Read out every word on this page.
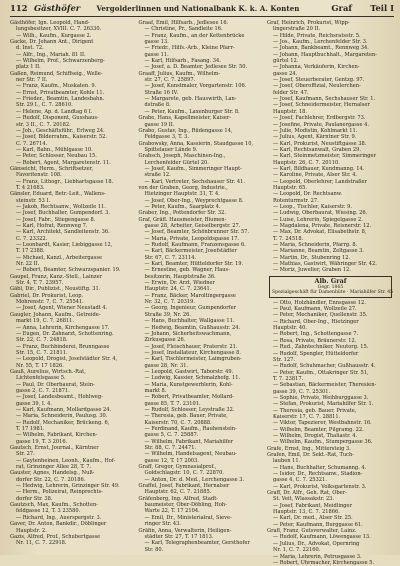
112 Gästhöfer	Vergolderlinnen und Nationalbank K. k. A. Konten	Graf	Teil I
Gästhöfer, Ign. Leopold, Hand-
lungsbesitzer, XVIII. C. 7. 26330.
— Wilh., Kaufm., Kurgasse 2.
Gacke, Dr. Johann Ant., Dirigent
d. Inst. 72.
— Alfr., Ing., Mariah. 81 II.
— Wilhelm, Prof., Schwarzenberg-
platz 1 II.
Gaßen, Reimund, Schiffseig., Welle-
ner Str. 7 II.
— Franz, Kaufm., Muskaten. 9.
— Ernst, Privatbeamter, Kohle 11.
— Frieder., Beamtin, Landesbahn.
Str. 29 I., C. 7. 28610.
— Helene, Ap. d. Landtag 6 I.
— Rudolf, Disponent, Gusshaus-
str. 3 II., C. 7. 20182.
— Joh., Geschäftsführ., Erlweg 24.
— Josef, Bilderrahm., Kaiserstr. 52.
C. 7. 26714.
— Karl, Bahn., Mühlgasse 10.
— Peter, Schlosser, Neubau 15.
— Robert, Agent, Margaretenstr. 11.
Gänseicht, Herm., Schriftsetzer,
Favoritenstr. 108.
— Franz, Lithogr., Liebhartsgasse 18.
T. 4 21683.
Gänsler, Eduard, Betr.-Leit., Wallens-
steinstr. 53 I.
— Jakob, Rechtsanw., Wollzeile 11.
— Josef, Buchhalter, Gumpendorf. 3.
— Josef, Fabr., Stiegengasse 8.
— Karl, Hofrat, Rennweg 7.
— Karl, Architekt, Sandleitenstr. 36.
C. 7. 23322.
— Leonhardt, Kasier, Liebiggasse 12,
T. 17 2388.
— Michael, Kanzl., Arbeitergasse
Nr. 22 II.
— Robert, Beamter, Schwarzspanier. 19.
Gaupel, Franz, Kanz.-Stell., Lainzer
Str. 4, T. 7. 23957.
Gäbl, Dir., Publizist., Neustiftg. 31.
Gabriel, Dr. Prokurist, Leop.
Mohrenstr. 7, C. 7. 25541.
— Josef, Agent, Wiener Neustadt 4.
Gaugler, Johann, Kaufm., Getreide-
markt 19, C. 7. 26811.
— Anna, Lehrerin, Kirchengasse 17.
— Eugen, Dr. Zahnarzt, Schottenring.
Str. 22, C. 7. 24818.
— Franz, Buchbinderei, Brunngasse
Str. 15, C. 7. 21811.
— Leopold, Drogist, Josefstädter Str. 4,
Nr. 55, T. 17 1826.
Gauß, Aurelius, Wirtsch.-Rat,
Lichtenfelsgasse 5.
— Paul, Dr. Oberbaurat, Stein-
gasse 2, C. 7. 21871.
— Josef, Landesbeamt., Hohlweg-
gasse 39, I. 4.
— Karl, Kaufmann, Mollardgasse 24.
— Maria, Schneiderin, Paulusg. 30.
— Rudolf, Mechaniker, Brückeng. 6,
T. 17 1981.
— Wilhelm, Fabrikant, Kirchen-
gasse 19, T. 3 2016.
Gautsch, Ernst, Journal., Kärntner
Str. 27.
— Gaytenheinen, Leonh., Kaufm., Hof-
rat, Grinzinger Allee 28, T. 7.
Gauster, Agnes, Handelsg., Nuß-
dorfer Str. 22, C. 7. 20186.
— Hedwig, Lehrerin, Grinzinger Str. 49.
— Herm., Polizeirat, Reinprechts-
dorfer Str. 38.
Gautzsch, Max, Kaufm., Schotten-
feldgasse 12, T. 3 23580.
— Richard, Ing., Auerspergstr. 3.
Gaver, Dr. Anton, Bankdir., Döblinger
Hauptstr. 2.
Gazis, Alfred, Prof., Schubertgasse
Nr. 11, C. 7. 22918.
Graaf, Emil, Hilfsarb., Jedlesee 16.
— Christine, Pr., Sandleite 16.
— Franz, Kaufm., an der Kettenbrücke
gasse 13.
— Friedr., Hilfs.-Arb., Kleine Pfarr-
gasse 11.
— Karl, Hilfsarb., Fasang. 34.
— Josef, a. D. Beamter, Jedlesee Str. 50.
Graaff, Julius, Kaufm., Wilhelm-
str. 27, C. 7. 25897.
— Josef, Kunstmaler, Vorgartenstr. 106.
Straße 16 IV.
— Margarete, geb. Hauswirth, Lan-
dstraße 8.
— Peter, Kaufm., Laxenburger Str. 8.
Grabe, Hans, Kapellmeister, Kaiser-
gasse 19 II.
Grabo, Gustav, Ing., Rüdengasse 14,
Feldgasse 3, T. 3.
Grabowsky, Anna, Kassierin, Staudgasse 10,
Spittelauer Lände 9.
Grabsch, Joseph, Maschinen-Ing.,
Lerchenfelder Gürtel 20.
— Josef, Kaufm., Simmeringer Haupt-
straße 12.
— Karl, Vertreter, Sechshauser Str. 41.
von der Graben, Georg, Industrie.,
Hietzinger Hauptstr. 31, T. 4.
— Josef, Ober-Ing., Weyprechtgasse 8.
— Peter, Kaufm., Saarplatz 4.
Graber, Ing., Pottendorfer Str. 32.
Graf, Gräfl. Hausmeister, Blumen-
gasse 28, Arbeiter, Geiselbergstr. 27.
— Josef, Beamter, Schönbrunner Str. 57.
— Maria, Private, Leopoldsgasse 17.
— Rudolf, Kaufmann, Franzensgasse 6.
— Karl, Bäckermeister, Josefstädter
Str. 67, C. 7. 23114.
— Karl, Beamter, Hütteldorfer Str. 19.
— Ernestine, geb. Wagner, Haus-
besitzerin, Hauptstraße 36.
— Erwin, Dr. Arzt, Wiedner
Hauptstr. 24, C. 7. 23641.
— Franz, Bäcker, Maroltingergasse
Nr. 32, C. 7. 20319.
— Georg, Ingenieur, Gumpendorfer
Straße 39, Nr. 26.
— Hans, Buchhalter, Wallgasse 11.
— Hedwig, Beamtin, Gußhausstr. 24.
— Johann, Sicherheitswachmann,
Zirkusgasse 26.
— Josef, Fleischhauer, Praterstr. 21.
— Josef, Installateur, Kirchengasse 8.
— Karl, Tischlermeister, Laimgruben-
gasse 28, Nr. 31.
— Leopold, Gastwirt, Taborstr. 49.
— Ludwig, Kassier, Schmalzhofg. 11.
— Maria, Kunstgewerblerin, Kohl-
markt 8.
— Robert, Privatbeamter, Mollard-
gasse 85, T. 7. 23101.
— Rudolf, Schlosser, Leystraße 32.
— Theresia, geb. Bauer, Private,
Kaiserstr. 70, C. 7. 20888.
— Ferdinand, Kaufm., Rauhenstein-
gasse 5, C. 7. 25887.
— Wilhelm, Fabrikant, Mariahilfer
Str. 88, C. 7. 24471.
— Wilhelm, Handelsagent, Neubau-
gasse 12, T. 17 2003.
Graff, Gregor, Gymnasialprof.,
Goldschlagstr. 10, C. 7. 22870.
— Anton, Dr. d. Med., Lerchengasse 3.
Graffel, Josef, Fabrikant, Hernalser
Hauptstr. 62, C. 7. 21885.
Gräfenberg, Ing. Alfred, Stadt-
baumeister, Ober-Döbling, Hoh-
Warte 22, T. 17 2104.
— Emil, Dr., Ministerialrat, Sieve-
ringer Str. 43.
Gräfin, Anna, Verwalterin, Heiligen-
städter Str. 27, T. 17 1813.
— Karl, Telegraphenbeamter, Gersthofer
Str. 80.
Graf, Heinrich, Prokurist, Wipp-
lingerstraße 20 II.
— Hilde, Private, Reichsratsstr. 5.
— Jos., Kaufm., Lerchenfelder Str. 3.
— Johann, Bankbeamt., Rennweg 34.
— Johann, Hauptbuchhalt., Margareten-
gürtel 12.
— Johanna, Verkäuferin, Kirchen-
gasse 24.
— Josef, Steuerberater, Gentzg. 97.
— Josef, Oberoffizial, Neulerchen-
felder Str. 47.
— Josef, Kaufmann, Sechshauser Str. 1.
— Josef, Schneidermeister, Hernalser
Hauptstr. 18.
— Josef, Fachlehrer, Erdbergstr. 73.
— Josefine, Private, Paulanergasse 4.
— Julie, Modistin, Kohlmarkt 11.
— Julius, Agent, Kärntner Str. 9.
— Karl, Prokurist, Neustiftgasse 38.
— Karl, Rechtsanwalt, Graben 29.
— Karl, Steinmetzmeister, Simmeringer
Hauptstr. 26, C. 7. 20110.
— Karl, Bildhauer, Kundmanng. 14.
— Karoline, Private, Alser Str. 4.
— Leopold, Oberlehrer, Landstraßer
Hauptstr. 65.
— Leopold, Dr. Rechtsanw.
Rotenturmstr. 27.
— Leop., Tischler, Kaiserstr. 9.
— Ludwig, Oberbaurat, Wiesing. 26.
— Luise, Lehrerin, Spiegelgasse 2.
— Magdalena, Private, Reisnerstr. 12.
— Max, Dr. Advokat, Elisabethstr. 8,
T. 7. 24518.
— Maria, Schneiderin, Pfarrg. 8.
— Marianne, Beamtin, Zeltgasse 3.
— Martin, Dr., Stubenring 12.
— Mathias, Gastwirt, Währinger Str. 42.
— Moriz, Juwelier, Graben 12.
Alb. Graf
Gegr. 1865
Spezialgeschäft für Damenhüte · Mariahilfer Str. 45
— Otto, Holzhändler, Ennsgasse 12.
— Paul, Kaufmann, Wollzeile 27.
— Peter, Mechaniker, Quellenstr. 35.
— Richard, Ober-Ing., Hietzinger
Hauptstr. 40.
— Robert, Ing., Schottengasse 7.
— Rosa, Private, Bräunerstr. 12.
— Rud., Zahntechniker, Neutorg. 15.
— Rudolf, Spengler, Hütteldorfer
Str. 127.
— Rudolf, Schuhmacher, Gußhausstr. 4.
— Peter, Kaufm., Ottakringer Str. 51,
T. 7. 23817.
— Sebastian, Bäckermeister, Theresien-
gasse 39, C. 7. 25301.
— Sophie, Private, Weihburggasse 3.
— Stefan, Prokurist, Mariahilfer Str. 1.
— Theresia, geb. Bauer, Private,
Kaiserstr. 17, C. 7. 28811.
— Viktor, Tapezierer, Westbahnstr. 16.
— Wilhelm, Beamter, Pilgramg. 22.
— Wilhelm, Drogist, Thaliastr. 4.
— Wilhelm, Kaufm., Stumpergasse 36.
Grafe, Ernst, Ing., Mittersteig 3.
Grafen, Emil, Dr. Sekt.-Rat, Tuch-
lauben 11.
— Hans, Buchhalter, Schumanng. 4.
— Isidor, Dr., Rechtsanw., Stadion-
gasse 4, C. 7. 25321.
— Karl, Prokurist, Volksgartenstr. 3.
Graff, Dr. Alfr., Geh. Rat, Ober-
St. Veit, Wlassakstr. 23.
— Josef, Fabrikant, Meidlinger
Hauptstr. 13, C. 7. 21866.
— Karl, Dr. med., Alser Str. 25.
— Peter, Kaufmann, Burggasse 61.
Grafl, Franz, Gutsverwalter, Lainz.
— Rudolf, Kaufmann, Löwengasse 13.
— Julius, Dr., Advokat, Opernring
Nr. 1, C. 7. 22160.
— Maria, Lehrerin, Petrusgasse 3.
— Robert, Uhrmacher, Kirchengasse 5.
